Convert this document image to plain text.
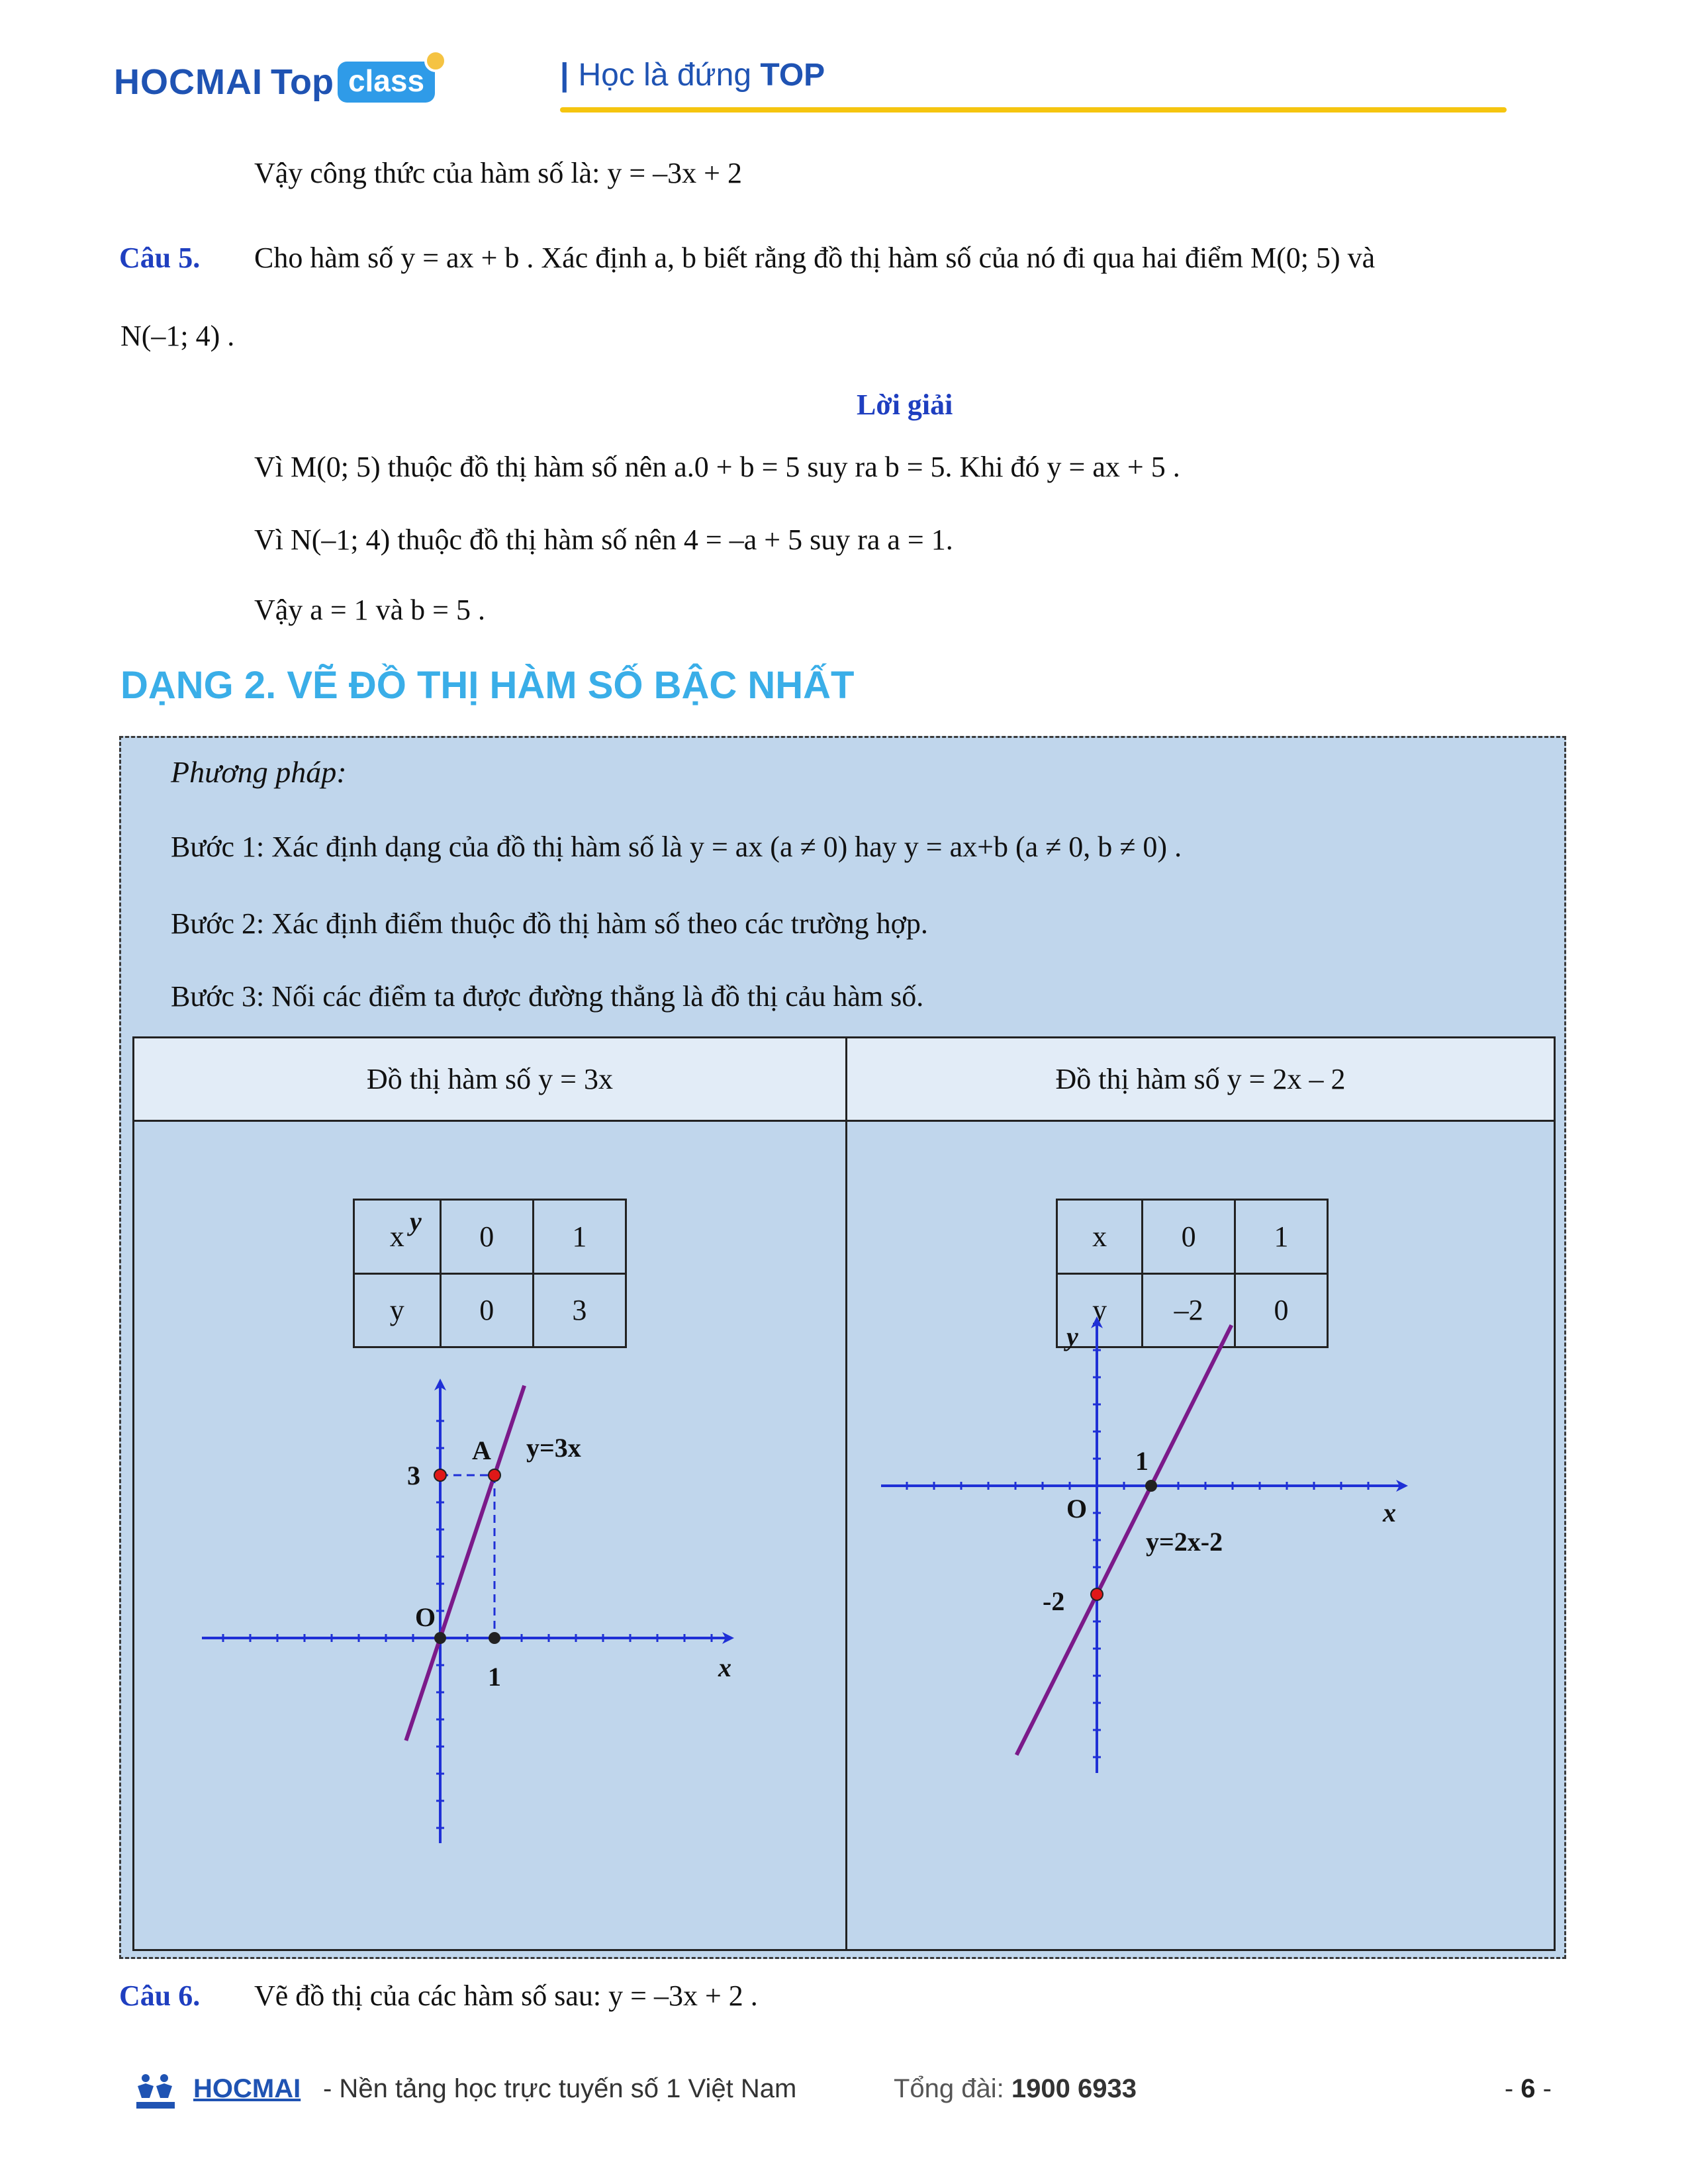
HOCMAI Top class	| Học là đứng TOP
Vậy công thức của hàm số là: y = –3x + 2
Câu 5. Cho hàm số y = ax + b . Xác định a, b biết rằng đồ thị hàm số của nó đi qua hai điểm M(0; 5) và
N(–1; 4) .
Lời giải
Vì M(0; 5) thuộc đồ thị hàm số nên a.0 + b = 5 suy ra b = 5. Khi đó y = ax + 5 .
Vì N(–1; 4) thuộc đồ thị hàm số nên 4 = –a + 5 suy ra a = 1.
Vậy a = 1 và b = 5 .
DẠNG 2. VẼ ĐỒ THỊ HÀM SỐ BẬC NHẤT
Phương pháp:
Bước 1: Xác định dạng của đồ thị hàm số là y = ax (a ≠ 0) hay y = ax+b (a ≠ 0, b ≠ 0) .
Bước 2: Xác định điểm thuộc đồ thị hàm số theo các trường hợp.
Bước 3: Nối các điểm ta được đường thẳng là đồ thị cảu hàm số.
Đồ thị hàm số y = 3x	Đồ thị hàm số y = 2x – 2
x	0	1
y	0	3
O
3
1
A y=3x
y
x
x	0	1
y	–2	0
O
1
-2
y=2x-2
y
x
Câu 6. Vẽ đồ thị của các hàm số sau: y = –3x + 2 .
HOCMAI - Nền tảng học trực tuyến số 1 Việt Nam	Tổng đài: 1900 6933	- 6 -
